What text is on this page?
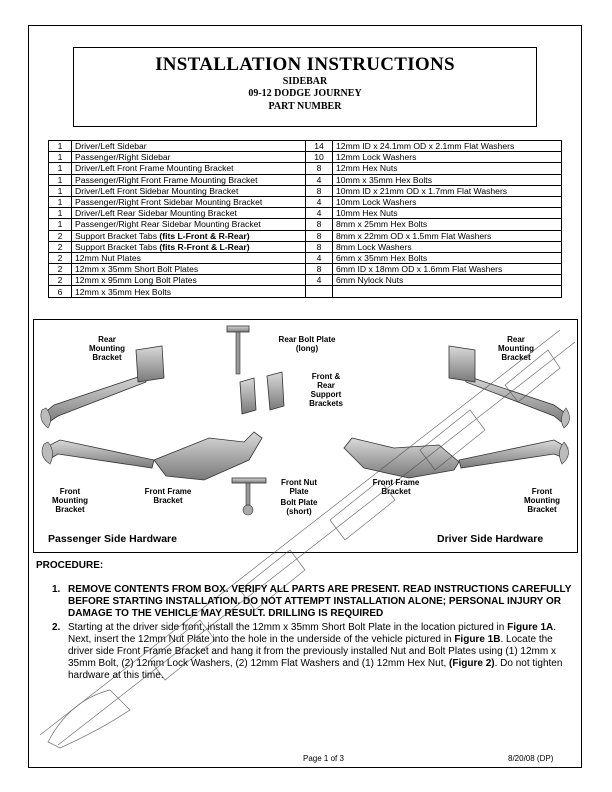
INSTALLATION INSTRUCTIONS
SIDEBAR
09-12 DODGE JOURNEY
PART NUMBER
1	Driver/Left Sidebar	14	12mm ID x 24.1mm OD x 2.1mm Flat Washers
1	Passenger/Right Sidebar	10	12mm Lock Washers
1	Driver/Left Front Frame Mounting Bracket	8	12mm Hex Nuts
1	Passenger/Right Front Frame Mounting Bracket	4	10mm x 35mm Hex Bolts
1	Driver/Left Front Sidebar Mounting Bracket	8	10mm ID x 21mm OD x 1.7mm Flat Washers
1	Passenger/Right Front Sidebar Mounting Bracket	4	10mm Lock Washers
1	Driver/Left Rear Sidebar Mounting Bracket	4	10mm Hex Nuts
1	Passenger/Right Rear Sidebar Mounting Bracket	8	8mm x 25mm Hex Bolts
2	Support Bracket Tabs (fits L-Front & R-Rear)	8	8mm x 22mm OD x 1.5mm Flat Washers
2	Support Bracket Tabs (fits R-Front & L-Rear)	8	8mm Lock Washers
2	12mm Nut Plates	4	6mm x 35mm Hex Bolts
2	12mm x 35mm Short Bolt Plates	8	6mm ID x 18mm OD x 1.6mm Flat Washers
2	12mm x 95mm Long Bolt Plates	4	6mm Nylock Nuts
6	12mm x 35mm Hex Bolts		
Rear Mounting Bracket
Rear Bolt Plate (long)
Front & Rear Support Brackets
Rear Mounting Bracket
Front Mounting Bracket
Front Frame Bracket
Front Nut Plate
Bolt Plate (short)
Front Frame Bracket	Front Mounting Bracket
Passenger Side Hardware	Driver Side Hardware
PROCEDURE:
1. REMOVE CONTENTS FROM BOX. VERIFY ALL PARTS ARE PRESENT. READ INSTRUCTIONS CAREFULLY BEFORE STARTING INSTALLATION. DO NOT ATTEMPT INSTALLATION ALONE; PERSONAL INJURY OR DAMAGE TO THE VEHICLE MAY RESULT. DRILLING IS REQUIRED
2. Starting at the driver side front, install the 12mm x 35mm Short Bolt Plate in the location pictured in Figure 1A. Next, insert the 12mm Nut Plate into the hole in the underside of the vehicle pictured in Figure 1B. Locate the driver side Front Frame Bracket and hang it from the previously installed Nut and Bolt Plates using (1) 12mm x 35mm Bolt, (2) 12mm Lock Washers, (2) 12mm Flat Washers and (1) 12mm Hex Nut, (Figure 2). Do not tighten hardware at this time.
Page 1 of 3	8/20/08 (DP)
